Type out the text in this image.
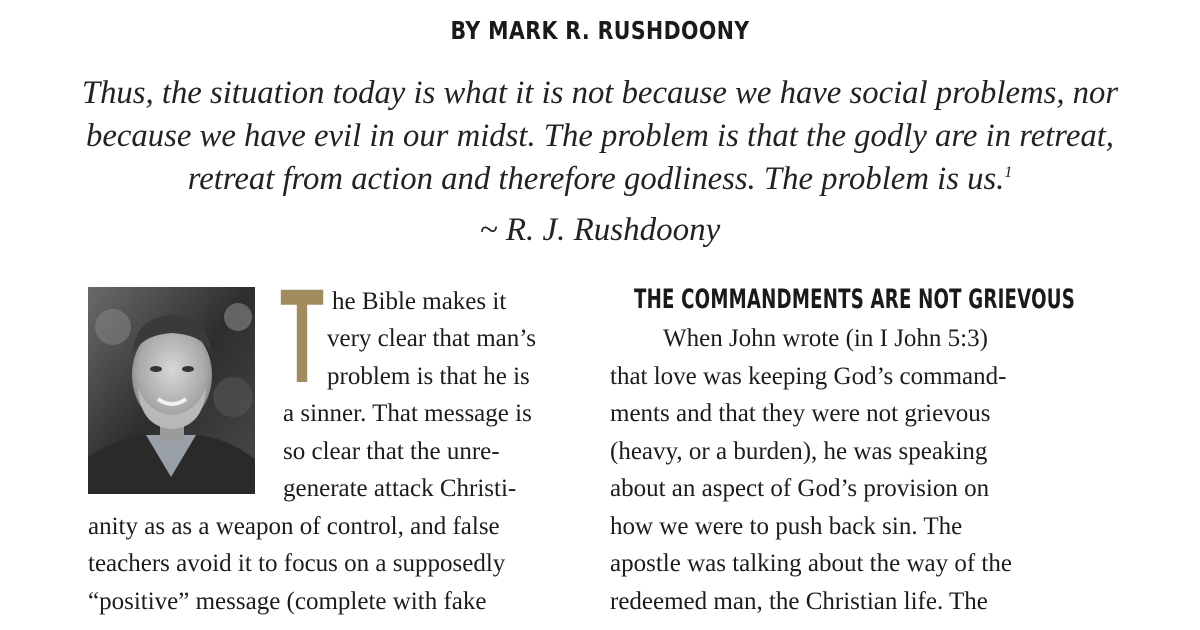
BY MARK R. RUSHDOONY
Thus, the situation today is what it is not because we have social problems, nor
because we have evil in our midst. The problem is that the godly are in retreat,
retreat from action and therefore godliness. The problem is us.$^1$
~ R. J. Rushdoony
T he Bible makes it
very clear that man’s
problem is that he is
a sinner. That message is
so clear that the unre-
generate attack Christi-
anity as as a weapon of control, and false
teachers avoid it to focus on a supposedly
“positive” message (complete with fake
THE COMMANDMENTS ARE NOT GRIEVOUS
When John wrote (in I John 5:3)
that love was keeping God’s command-
ments and that they were not grievous
(heavy, or a burden), he was speaking
about an aspect of God’s provision on
how we were to push back sin. The
apostle was talking about the way of the
redeemed man, the Christian life. The
